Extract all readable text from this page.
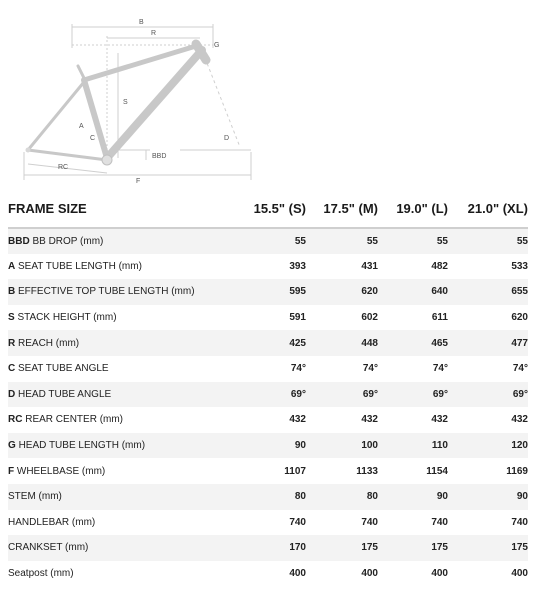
B
R
G
S
A
C	D
BBD
RC
F
FRAME SIZE	15.5" (S)	17.5" (M)	19.0" (L)	21.0" (XL)
BBD BB DROP (mm)	55	55	55	55
A SEAT TUBE LENGTH (mm)	393	431	482	533
B EFFECTIVE TOP TUBE LENGTH (mm)	595	620	640	655
S STACK HEIGHT (mm)	591	602	611	620
R REACH (mm)	425	448	465	477
C SEAT TUBE ANGLE	74°	74°	74°	74°
D HEAD TUBE ANGLE	69°	69°	69°	69°
RC REAR CENTER (mm)	432	432	432	432
G HEAD TUBE LENGTH (mm)	90	100	110	120
F WHEELBASE (mm)	1107	1133	1154	1169
STEM (mm)	80	80	90	90
HANDLEBAR (mm)	740	740	740	740
CRANKSET (mm)	170	175	175	175
Seatpost (mm)	400	400	400	400
